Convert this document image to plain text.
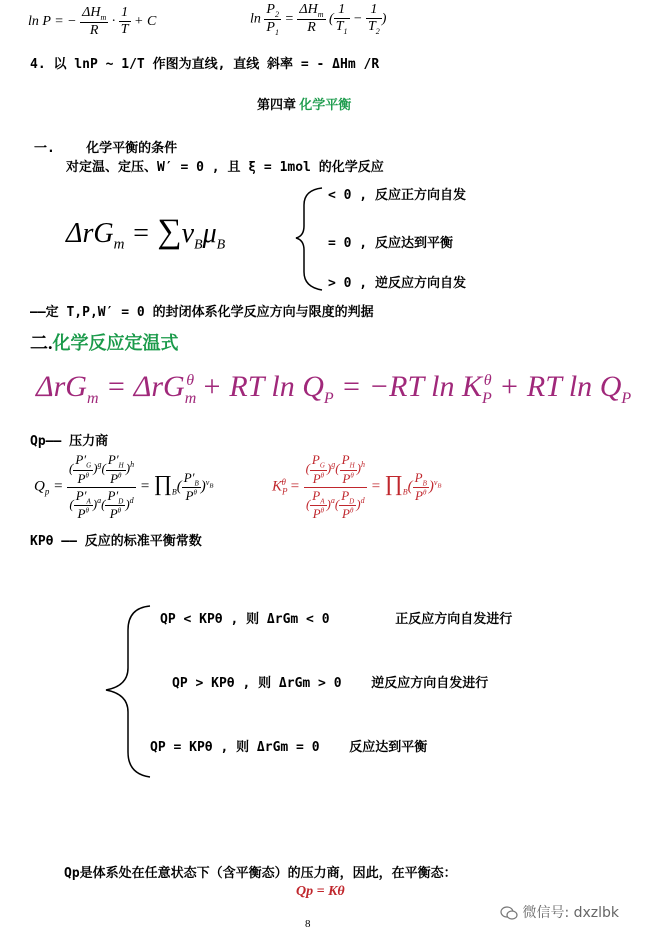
ln P = − $\frac{\Delta H_m}{R} \cdot \frac{1}{T} + C$	$\ln \frac{P_2}{P_1} = \frac{\Delta H_m}{R}$ ( $\frac{1}{T_1} - \frac{1}{T_2}$ )
4. 以 lnP ~ 1/T 作图为直线, 直线 斜率 = - ΔHm /R
第四章 化学平衡
一. 化学平衡的条件
对定温、定压、W′ = 0 , 且 ξ = 1mol 的化学反应
$\Delta rG_m = \sum\nu_B\mu_B$
< 0 , 反应正方向自发
= 0 , 反应达到平衡
> 0 , 逆反应方向自发
——定 T,P,W′ = 0 的封闭体系化学反应方向与限度的判据
二.化学反应定温式
ΔrG$_m$ = ΔrG$_m^\theta$ + RT $\ln Q_P = -RT$ $\ln K_P^\theta$ + RT $\ln Q_P$
Qp—— 压力商
$Q_p = \frac{( \frac{P'_G}{P^\theta} )^g( \frac{P'_H}{P^\theta} )^h}{( \frac{P'_A}{P^\theta} )^a( \frac{P'_D}{P^\theta} )^d}$ = $\prod_B( \frac{P'_B}{P^\theta} )^{\nu_B}$	$K_P^\theta = \frac{( \frac{P_G}{P^\theta} )^g( \frac{P_H}{P^\theta} )^h}{( \frac{P_A}{P^\theta} )^a( \frac{P_D}{P^\theta} )^d}$ = $\prod_B( \frac{P_B}{P^\theta} )^{\nu_B}$
KPθ —— 反应的标准平衡常数
QP < KPθ , 则 ΔrGm < 0	正反应方向自发进行
QP > KPθ , 则 ΔrGm > 0 逆反应方向自发进行
QP = KPθ , 则 ΔrGm = 0 反应达到平衡
Qp是体系处在任意状态下（含平衡态）的压力商，因此，在平衡态：
Qp = Kθ
8
微信号: dxzlbk
